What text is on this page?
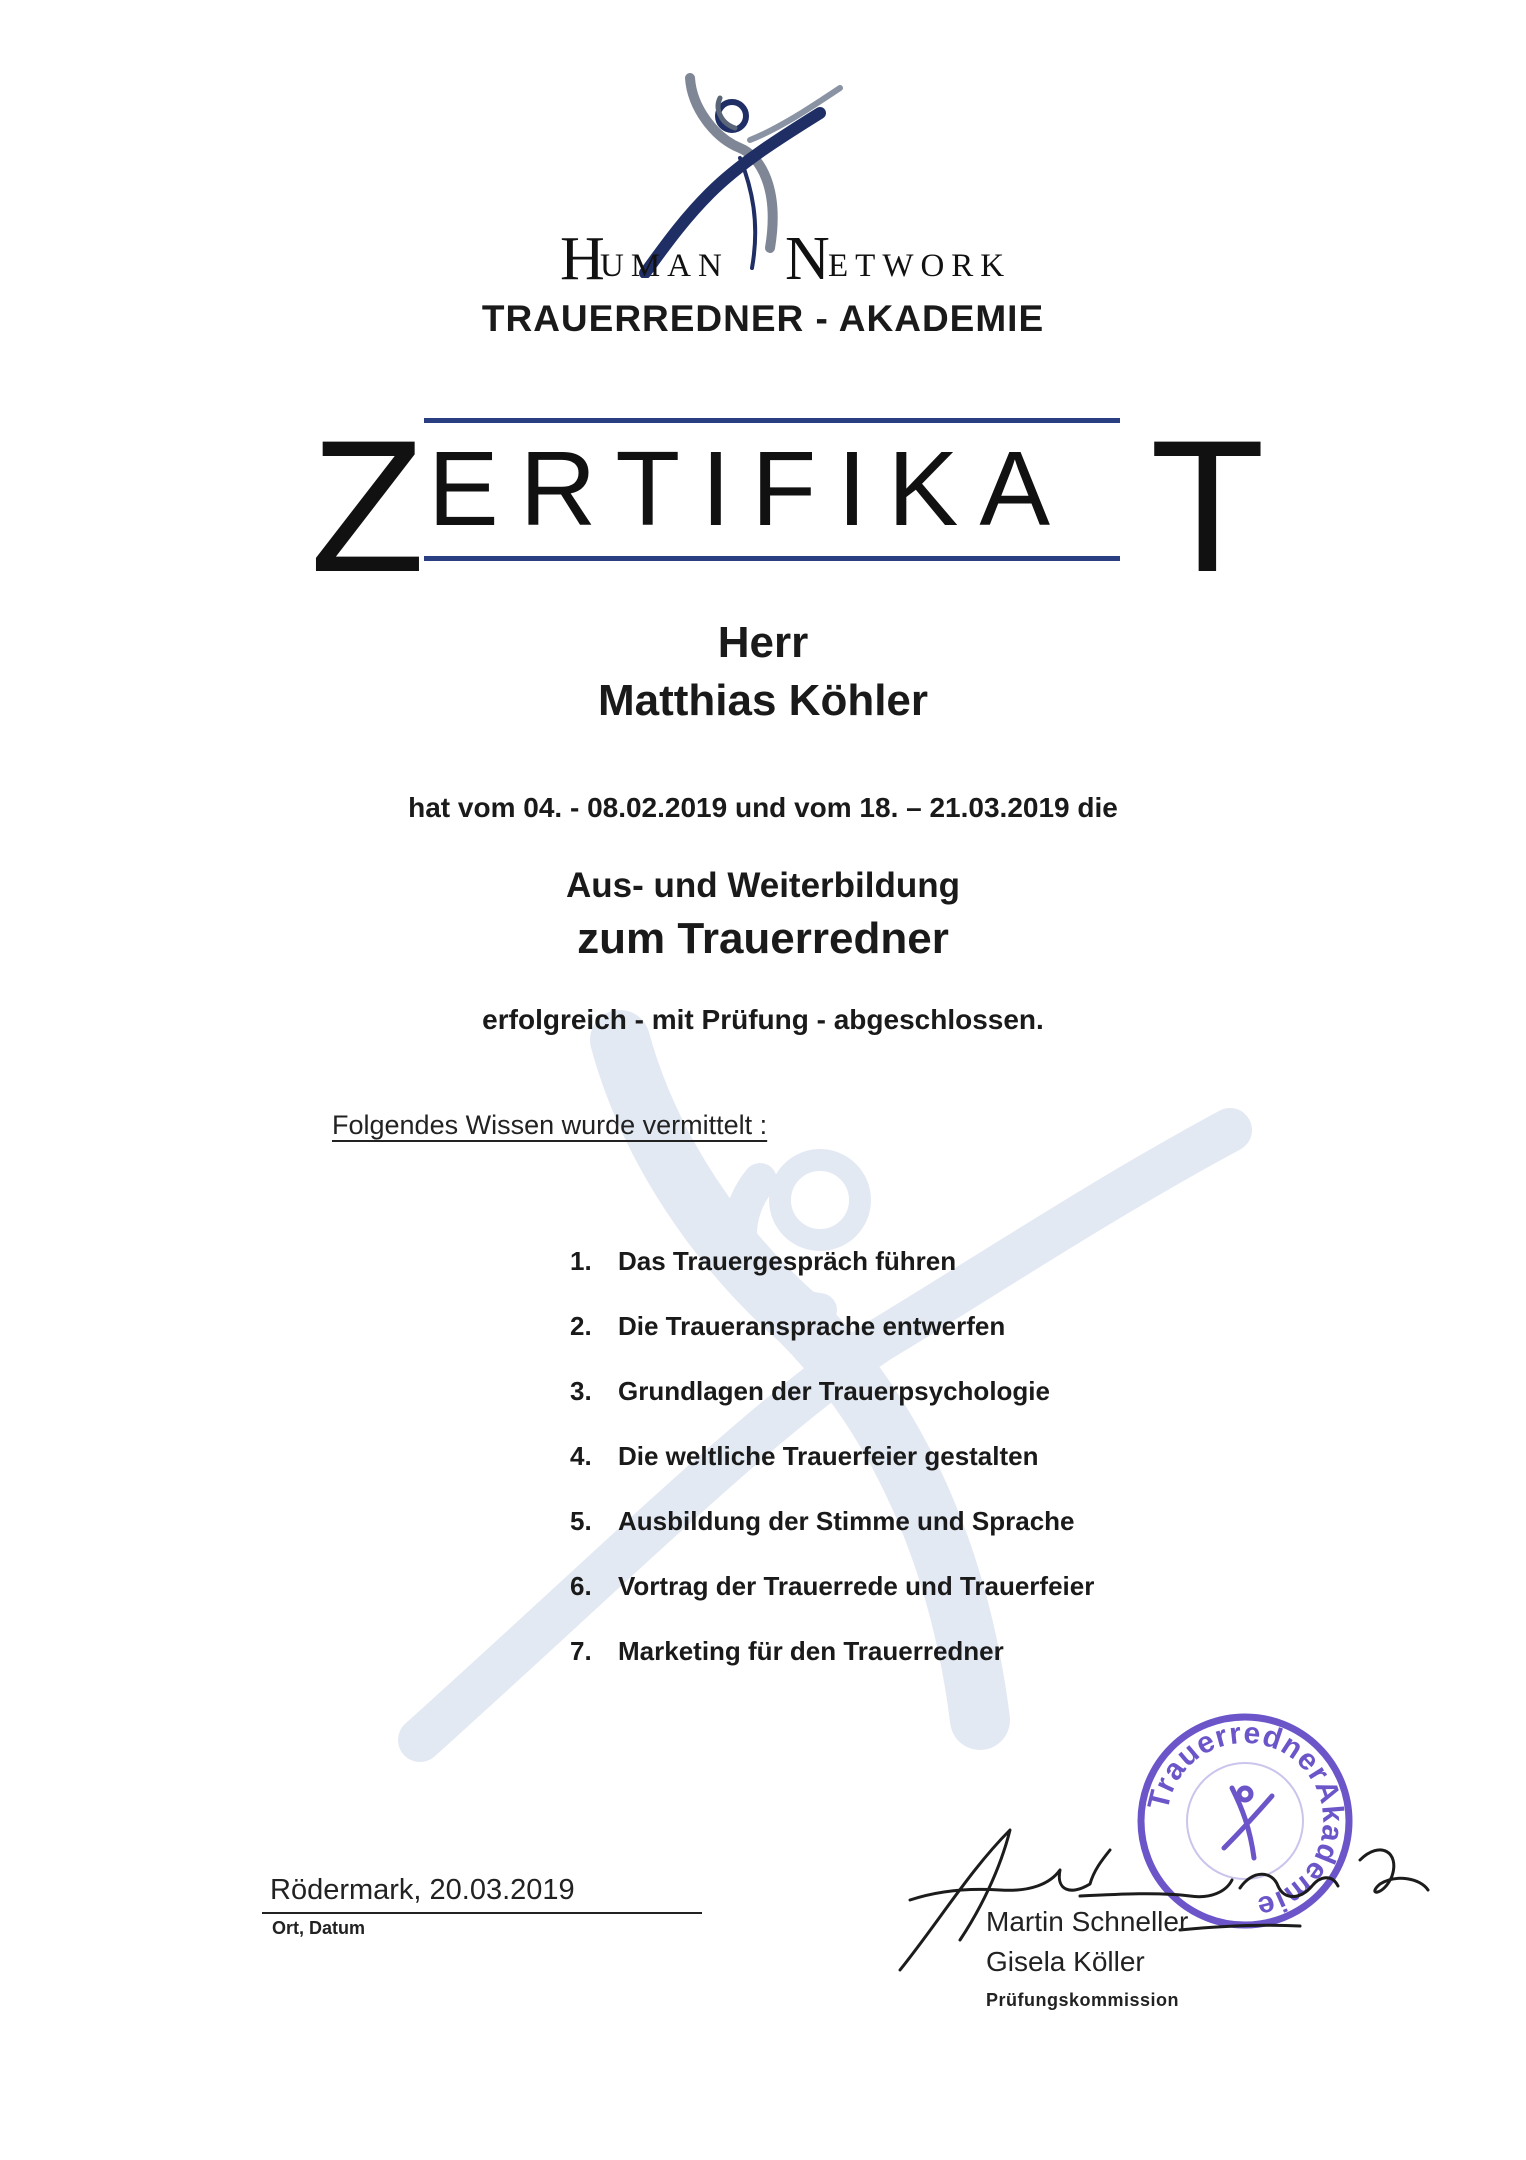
H
UMAN N
ETWORK
TRAUERREDNER - AKADEMIE
Z ERTIFIKA T
Herr
Matthias Köhler
hat vom 04. - 08.02.2019 und vom 18. – 21.03.2019 die
Aus- und Weiterbildung
zum Trauerredner
erfolgreich - mit Prüfung - abgeschlossen.
Folgendes Wissen wurde vermittelt :
1. Das Trauergespräch führen
2. Die Traueransprache entwerfen
3. Grundlagen der Trauerpsychologie
4. Die weltliche Trauerfeier gestalten
5. Ausbildung der Stimme und Sprache
6. Vortrag der Trauerrede und Trauerfeier
7. Marketing für den Trauerredner
Rödermark, 20.03.2019
Ort, Datum
TrauerrednerAkademie
Martin Schneller
Gisela Köller
Prüfungskommission
